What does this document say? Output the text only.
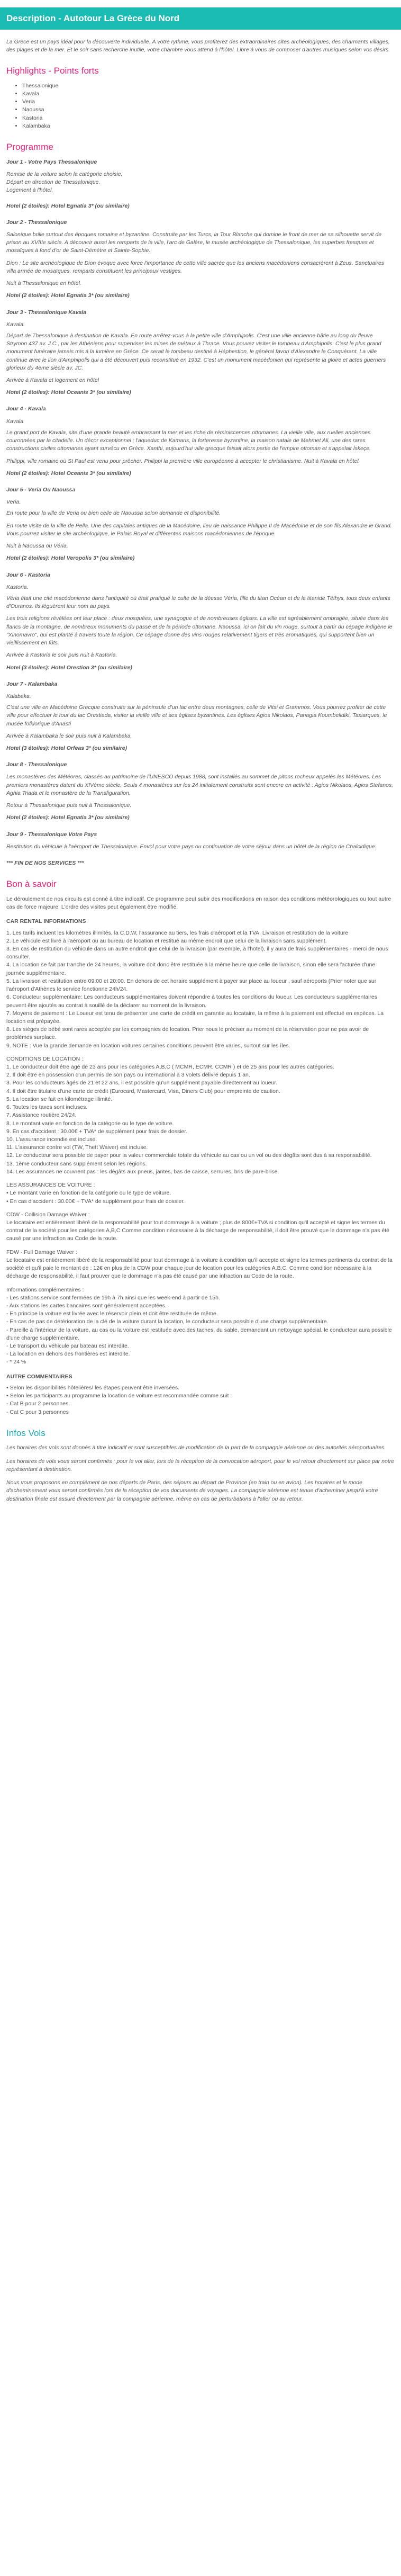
Description - Autotour La Grèce du Nord

La Grèce est un pays idéal pour la découverte individuelle. À votre rythme, vous profiterez des extraordinaires sites archéologiques, des charmants villages, des plages et de la mer. Et le soir sans recherche inutile, votre chambre vous attend à l'hôtel. Libre à vous de composer d'autres musiques selon vos désirs.

Highlights - Points forts
• Thessalonique
• Kavala
• Veria
• Naoussa
• Kastoria
• Kalambaka
Programme

Jour 1 - Votre Pays Thessalonique

Remise de la voiture selon la catégorie choisie.

Départ en direction de Thessalonique.

Logement à l'hôtel.

Hotel (2 étoiles): Hotel Egnatia 3* (ou similaire)

Jour 2 - Thessalonique

Salonique brille surtout des époques romaine et byzantine. Construite par les Turcs, la Tour Blanche qui domine le front de mer de sa silhouette servit de prison au XVIIIe siècle. A découvrir aussi les remparts de la ville, l'arc de Galère, le musée archéologique de Thessalonique, les superbes fresques et mosaïques à fond d'or de Saint-Démètre et Sainte-Sophie.

Dion : Le site archéologique de Dion évoque avec force l'importance de cette ville sacrée que les anciens macédoniens consacrèrent à Zeus. Sanctuaires villa armée de mosaïques, remparts constituent les principaux vestiges.

Nuit à Thessalonique en hôtel.

Hotel (2 étoiles): Hotel Egnatia 3* (ou similaire)

Jour 3 - Thessalonique Kavala

Kavala.

Départ de Thessalonique à destination de Kavala. En route arrêtez-vous à la petite ville d'Amphipolis. C'est une ville ancienne bâtie au long du fleuve Strymon 437 av. J.C., par les Athéniens pour superviser les mines de métaux à Thrace. Vous pouvez visiter le tombeau d'Amphipolis. C'est le plus grand monument funéraire jamais mis à la lumière en Grèce. Ce serait le tombeau destiné à Héphestion, le général favori d'Alexandre le Conquérant. La ville continue avec le lion d'Amphipolis qui a été découvert puis reconstitué en 1932. C'est un monument macédonien qui représente la gloire et actes guerriers glorieux du 4ème siècle av. JC.

Arrivée à Kavala et logement en hôtel

Hotel (2 étoiles): Hotel Oceanis 3* (ou similaire)

Jour 4 - Kavala

Kavala

Le grand port de Kavala, site d'une grande beauté embrassant la mer et les riche de réminiscences ottomanes. La vieille ville, aux ruelles anciennes couronnées par la citadelle. Un décor exceptionnel ; l'aqueduc de Kamaris, la forteresse byzantine, la maison natale de Mehmet Ali, une des rares constructions civiles ottomanes ayant survécu en Grèce. Xanthi, aujourd'hui ville grecque faisait alors partie de l'empire ottoman et s'appelait İskeçe.

Philippi, ville romaine où St Paul est venu pour prêcher. Philippi la première ville européenne à accepter le christianisme. Nuit à Kavala en hôtel.

Hotel (2 étoiles): Hotel Oceanis 3* (ou similaire)

Jour 5 - Veria Ou Naoussa

Veria.

En route pour la ville de Veria ou bien celle de Naoussa selon demande et disponibilité.

En route visite de la ville de Pella. Une des capitales antiques de la Macédoine, lieu de naissance Philippe II de Macédoine et de son fils Alexandre le Grand. Vous pourrez visiter le site archéologique, le Palais Royal et différentes maisons macédoniennes de l'époque.

Nuit à Naoussa ou Véria.

Hotel (2 étoiles): Hotel Veropolis 3* (ou similaire)

Jour 6 - Kastoria

Kastoria.

Véria était une cité macédonienne dans l'antiquité où était pratiqué le culte de la déesse Véria, fille du titan Océan et de la titanide Téthys, tous deux enfants d'Ouranos. Ils léguèrent leur nom au pays.

Les trois religions révélées ont leur place : deux mosquées, une synagogue et de nombreuses églises. La ville est agréablement ombragée, située dans les flancs de la montagne, de nombreux monuments du passé et de la période ottomane. Naoussa, ici on fait du vin rouge, surtout à partir du cépage indigène le "Xinomavro", qui est planté à travers toute la région. Ce cépage donne des vins rouges relativement tigers et très aromatiques, qui supportent bien un vieillissement en fûts.

Arrivée à Kastoria le soir puis nuit à Kastoria.

Hotel (3 étoiles): Hotel Orestion 3* (ou similaire)

Jour 7 - Kalambaka

Kalabaka.

C'est une ville en Macédoine Grecque construite sur la péninsule d'un lac entre deux montagnes, celle de Vitsi et Grammos. Vous pourrez profiter de cette ville pour effectuer le tour du lac Orestiada, visiter la vieille ville et ses églises byzantines. Les églises Agios Nikolaos, Panagia Koumbelidiki, Taxiarques, le musée folklorique d'Anasti

Arrivée à Kalambaka le soir puis nuit à Kalambaka.

Hotel (3 étoiles): Hotel Orfeas 3* (ou similaire)

Jour 8 - Thessalonique

Les monastères des Météores, classés au patrimoine de l'UNESCO depuis 1988, sont installés au sommet de pitons rocheux appelés les Météores. Les premiers monastères datent du XIVème siècle. Seuls 4 monastères sur les 24 initialement construits sont encore en activité : Agios Nikolaos, Agios Stefanos, Aghia Triada et le monastère de la Transfiguration.

Retour à Thessalonique puis nuit à Thessalonique.

Hotel (2 étoiles): Hotel Egnatia 3* (ou similaire)

Jour 9 - Thessalonique Votre Pays

Restitution du véhicule à l'aéroport de Thessalonique. Envol pour votre pays ou continuation de votre séjour dans un hôtel de la région de Chalcidique.

*** FIN DE NOS SERVICES ***

Bon à savoir

Le déroulement de nos circuits est donné à titre indicatif. Ce programme peut subir des modifications en raison des conditions météorologiques ou tout autre cas de force majeure. L'ordre des visites peut également être modifié.

CAR RENTAL INFORMATIONS

1. Les tarifs incluent les kilomètres illimités, la C.D.W, l'assurance au tiers, les frais d'aéroport et la TVA. Livraison et restitution de la voiture

2. Le véhicule est livré à l'aéroport ou au bureau de location et restitué au même endroit que celui de la livraison sans supplément.

3. En cas de restitution du véhicule dans un autre endroit que celui de la livraison (par exemple, à l'hotel), il y aura de frais supplémentaires - merci de nous consulter.

4. La location se fait par tranche de 24 heures, la voiture doit donc être restituée à la même heure que celle de livraison, sinon elle sera facturée d'une journée supplémentaire.

5. La livraison et restitution entre 09:00 et 20:00. En dehors de cet horaire supplément à payer sur place au loueur , sauf aéroports (Prier noter que sur l'aéroport d'Athènes le service fonctionne 24h/24.

6. Conducteur supplémentaire: Les conducteurs supplémentaires doivent répondre à toutes les conditions du loueur. Les conducteurs supplémentaires peuvent être ajoutés au contrat à souillé de la déclarer au moment de la livraison.

7. Moyens de paiement : Le Loueur est tenu de présenter une carte de crédit en garantie au locataire, la même à la paiement est effectué en espèces. La location est prépayée.

8. Les sièges de bébé sont rares acceptée par les compagnies de location. Prier nous le préciser au moment de la réservation pour ne pas avoir de problèmes surplace.

9. NOTE : Vue la grande demande en location voitures certaines conditions peuvent être varies, surtout sur les îles.

CONDITIONS DE LOCATION :

1. Le conducteur doit être agé de 23 ans pour les catégories A,B,C ( MCMR, ECMR, CCMR ) et de 25 ans pour les autres catégories.

2. Il doit être en possession d'un permis de son pays ou international à 3 volets délivré depuis 1 an.

3. Pour les conducteurs âgés de 21 et 22 ans, il est possible qu'un supplément payable directement au loueur.

4. Il doit être titulaire d'une carte de crédit (Eurocard, Mastercard, Visa, Diners Club) pour empreinte de caution.

5. La location se fait en kilométrage illimité.

6. Toutes les taxes sont incluses.

7. Assistance routière 24/24.

8. Le montant varie en fonction de la catégorie ou le type de voiture.

9. En cas d'accident : 30.00€ + TVA* de supplément pour frais de dossier.

10. L'assurance incendie est incluse.

11. L'assurance contre vol (TW, Theft Waiver) est incluse.

12. Le conducteur sera possible de payer pour la valeur commerciale totale du véhicule au cas ou un vol ou des dégâts sont dus à sa responsabilité.

13. 1ème conducteur sans supplément selon les régions.

14. Les assurances ne couvrent pas : les dégâts aux pneus, jantes, bas de caisse, serrures, bris de pare-brise.

LES ASSURANCES DE VOITURE :

• Le montant varie en fonction de la catégorie ou le type de voiture.

• En cas d'accident : 30.00€ + TVA* de supplément pour frais de dossier.

CDW - Collision Damage Waiver :

Le locataire est entièrement libéré de la responsabilité pour tout dommage à la voiture ; plus de 800€+TVA si condition qu'il accepté et signe les termes du contrat de la société pour les catégories A,B,C Comme condition nécessaire à la décharge de responsabilité, il doit être prouvé que le dommage n'a pas été causé par une infraction au Code de la route.

FDW - Full Damage Waiver :

Le locataire est entièrement libéré de la responsabilité pour tout dommage à la voiture à condition qu'il accepte et signe les termes pertinents du contrat de la société et qu'il paie le montant de : 12€ en plus de la CDW pour chaque jour de location pour les catégories A,B,C. Comme condition nécessaire à la décharge de responsabilité, il faut prouver que le dommage n'a pas été causé par une infraction au Code de la route.

Informations complémentaires :

- Les stations service sont fermées de 19h à 7h ainsi que les week-end à partir de 15h.

- Aux stations les cartes bancaires sont généralement acceptées.

- En principe la voiture est livrée avec le réservoir plein et doit être restituée de même.

- En cas de pas de détérioration de la clé de la voiture durant la location, le conducteur sera possible d'une charge supplémentaire.

- Pareille à l'intérieur de la voiture, au cas ou la voiture est restituée avec des taches, du sable, demandant un nettoyage spécial, le conducteur aura possible d'une charge supplémentaire.

- Le transport du véhicule par bateau est interdite.

- La location en dehors des frontières est interdite.

- * 24 %

AUTRE COMMENTAIRES

• Selon les disponibilités hôtelières/ les étapes peuvent être inversées.

• Selon les participants au programme la location de voiture est recommandée comme suit :

- Cat B pour 2 personnes.

- Cat C pour 3 personnes

Infos Vols

Les horaires des vols sont donnés à titre indicatif et sont susceptibles de modification de la part de la compagnie aérienne ou des autorités aéroportuaires.

Les horaires de vols vous seront confirmés : pour le vol aller, lors de la réception de la convocation aéroport, pour le vol retour directement sur place par notre représentant à destination.

Nous vous proposons en complément de nos départs de Paris, des séjours au départ de Province (en train ou en avion). Les horaires et le mode d'acheminement vous seront confirmés lors de la réception de vos documents de voyages. La compagnie aérienne est tenue d'acheminer jusqu'à votre destination finale est assuré directement par la compagnie aérienne, même en cas de perturbations à l'aller ou au retour.
